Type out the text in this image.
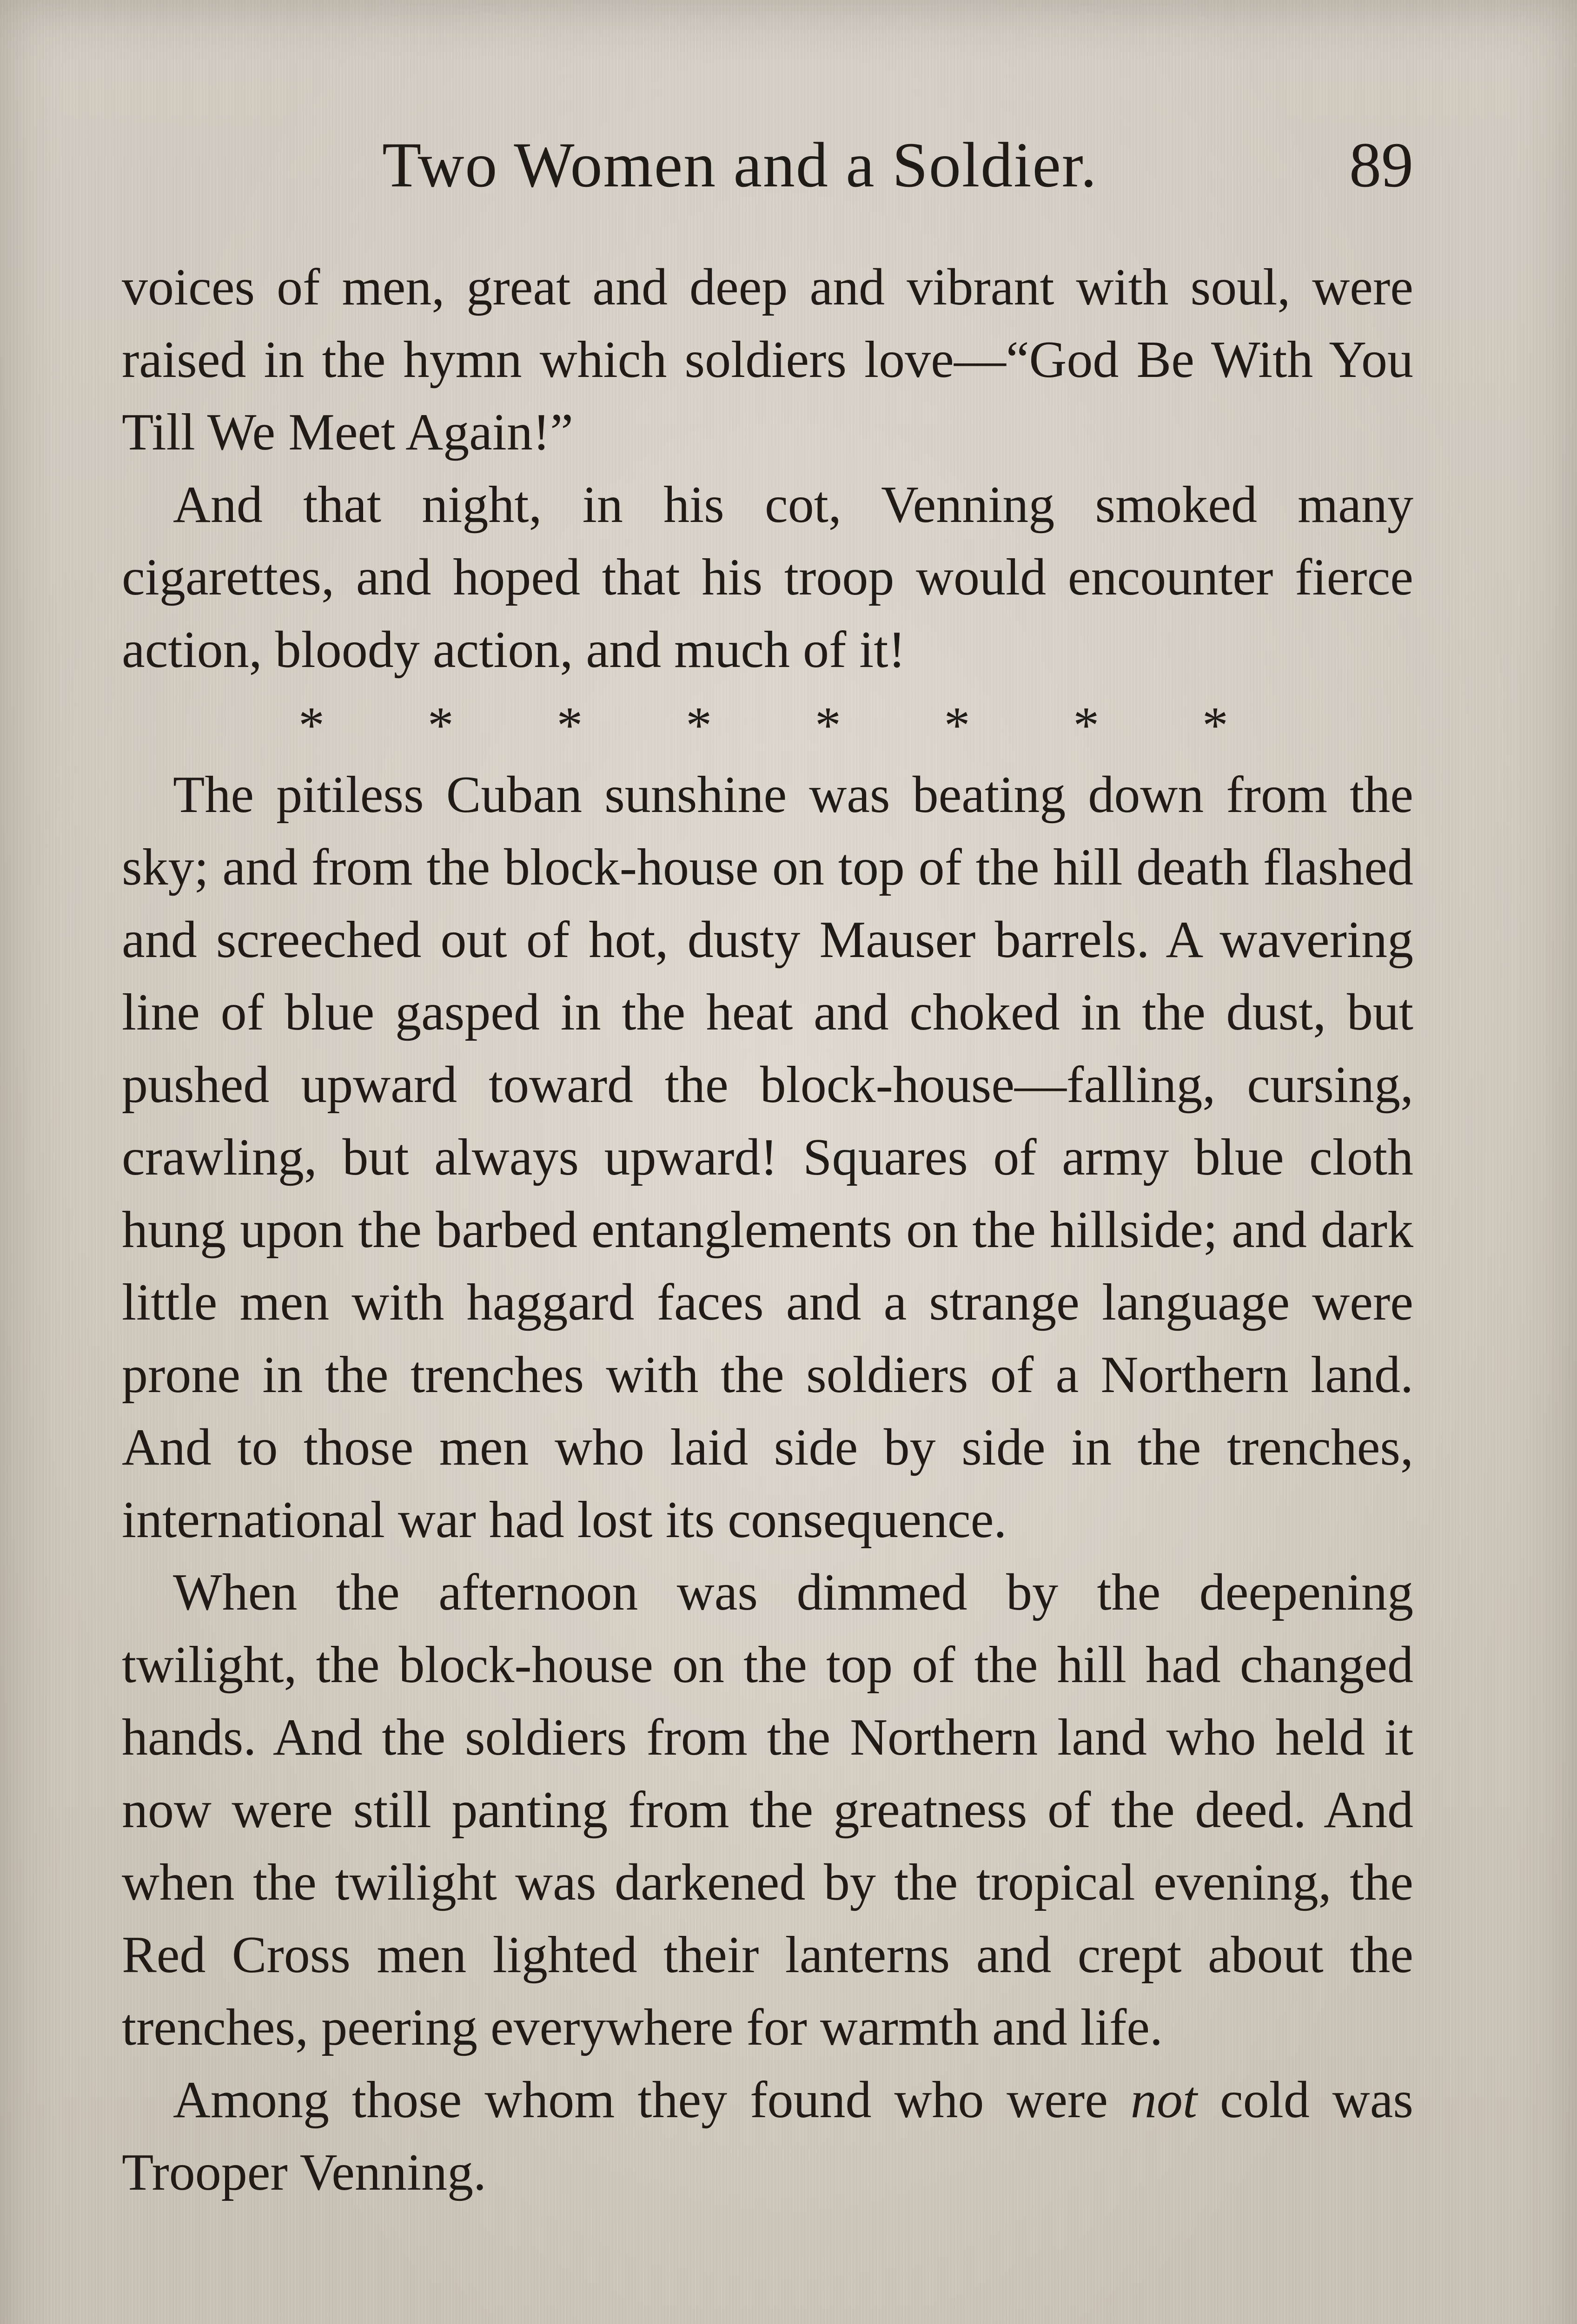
Two Women and a Soldier.	89

voices of men, great and deep and vibrant with soul, were raised in the hymn which soldiers love—“God Be With You Till We Meet Again!”

And that night, in his cot, Venning smoked many cigarettes, and hoped that his troop would encounter fierce action, bloody action, and much of it!

* * * * * * * *

The pitiless Cuban sunshine was beating down from the sky; and from the block-house on top of the hill death flashed and screeched out of hot, dusty Mauser barrels. A wavering line of blue gasped in the heat and choked in the dust, but pushed upward toward the block-house—falling, cursing, crawling, but always upward! Squares of army blue cloth hung upon the barbed entanglements on the hillside; and dark little men with haggard faces and a strange language were prone in the trenches with the soldiers of a Northern land. And to those men who laid side by side in the trenches, international war had lost its consequence.

When the afternoon was dimmed by the deepening twilight, the block-house on the top of the hill had changed hands. And the soldiers from the Northern land who held it now were still panting from the greatness of the deed. And when the twilight was darkened by the tropical evening, the Red Cross men lighted their lanterns and crept about the trenches, peering everywhere for warmth and life.

Among those whom they found who were not cold was Trooper Venning.
